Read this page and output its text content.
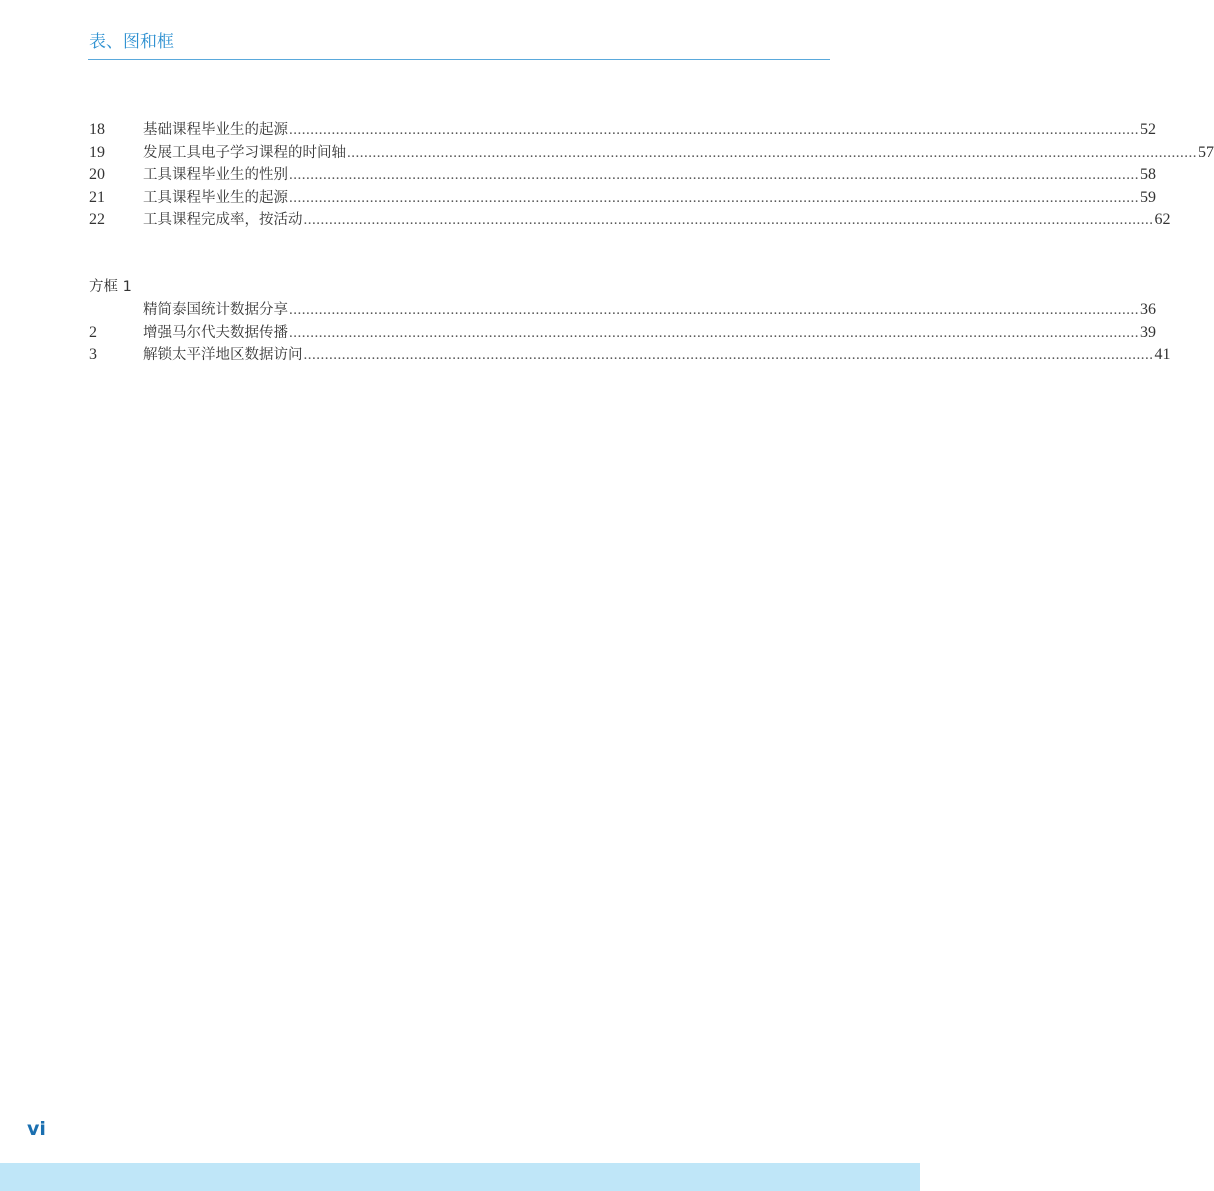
表、图和框
18	基础课程毕业生的起源 ........................................................................................................................................................................................................ 52
19	发展工具电子学习课程的时间轴 ........................................................................................................................................................................................................ 57
20	工具课程毕业生的性别 ........................................................................................................................................................................................................ 58
21	工具课程毕业生的起源 ........................................................................................................................................................................................................ 59
22	工具课程完成率，按活动 ........................................................................................................................................................................................................ 62
方框 1
精简泰国统计数据分享 ........................................................................................................................................................................................................ 36
2	增强马尔代夫数据传播 ........................................................................................................................................................................................................ 39
3	解锁太平洋地区数据访问 ........................................................................................................................................................................................................ 41
vi
